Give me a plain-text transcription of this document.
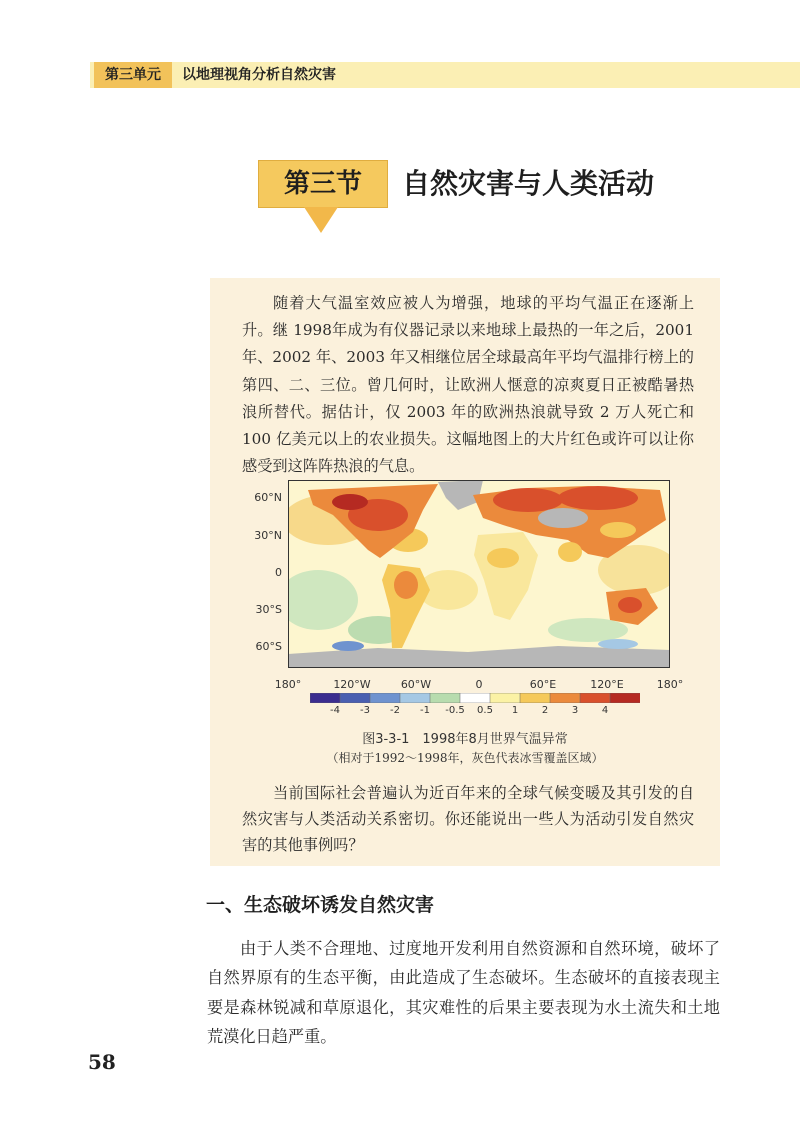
第三单元	以地理视角分析自然灾害
第三节	自然灾害与人类活动
随着大气温室效应被人为增强，地球的平均气温正在逐渐上升。继 1998年成为有仪器记录以来地球上最热的一年之后，2001 年、2002 年、2003 年又相继位居全球最高年平均气温排行榜上的第四、二、三位。曾几何时，让欧洲人惬意的凉爽夏日正被酷暑热浪所替代。据估计，仅 2003 年的欧洲热浪就导致 2 万人死亡和 100 亿美元以上的农业损失。这幅地图上的大片红色或许可以让你感受到这阵阵热浪的气息。
60°N
30°N
0
30°S
60°S
180°	120°W	60°W	0	60°E	120°E	180°
-4	-3	-2	-1	-0.5	0.5	1	2	3	4
图3-3-1　1998年8月世界气温异常
（相对于1992～1998年，灰色代表冰雪覆盖区域）
当前国际社会普遍认为近百年来的全球气候变暖及其引发的自然灾害与人类活动关系密切。你还能说出一些人为活动引发自然灾害的其他事例吗？
一、生态破坏诱发自然灾害
由于人类不合理地、过度地开发利用自然资源和自然环境，破坏了自然界原有的生态平衡，由此造成了生态破坏。生态破坏的直接表现主要是森林锐减和草原退化，其灾难性的后果主要表现为水土流失和土地荒漠化日趋严重。
58
